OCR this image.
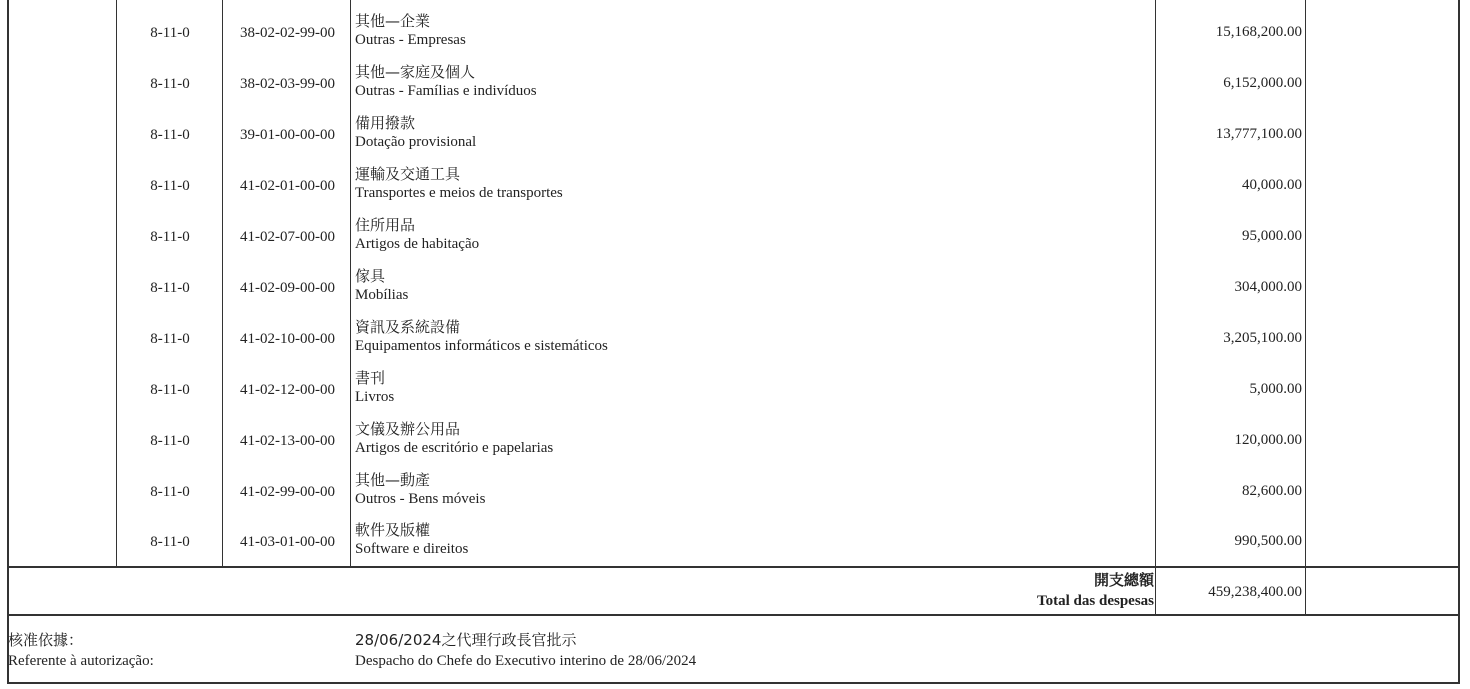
8-11-0	38-02-02-99-00
其他—企業
Outras - Empresas	15,168,200.00
8-11-0	38-02-03-99-00
其他—家庭及個人
Outras - Famílias e indivíduos	6,152,000.00
8-11-0	39-01-00-00-00
備用撥款
Dotação provisional	13,777,100.00
8-11-0	41-02-01-00-00
運輸及交通工具
Transportes e meios de transportes	40,000.00
8-11-0	41-02-07-00-00
住所用品
Artigos de habitação	95,000.00
8-11-0	41-02-09-00-00
傢具
Mobílias	304,000.00
8-11-0	41-02-10-00-00
資訊及系統設備
Equipamentos informáticos e sistemáticos	3,205,100.00
8-11-0	41-02-12-00-00
書刊
Livros	5,000.00
8-11-0	41-02-13-00-00
文儀及辦公用品
Artigos de escritório e papelarias	120,000.00
8-11-0	41-02-99-00-00
其他—動產
Outros - Bens móveis	82,600.00
8-11-0	41-03-01-00-00
軟件及版權
Software e direitos	990,500.00
開支總額
Total das despesas
459,238,400.00
核准依據：
Referente à autorização:
28/06/2024之代理行政長官批示
Despacho do Chefe do Executivo interino de 28/06/2024
